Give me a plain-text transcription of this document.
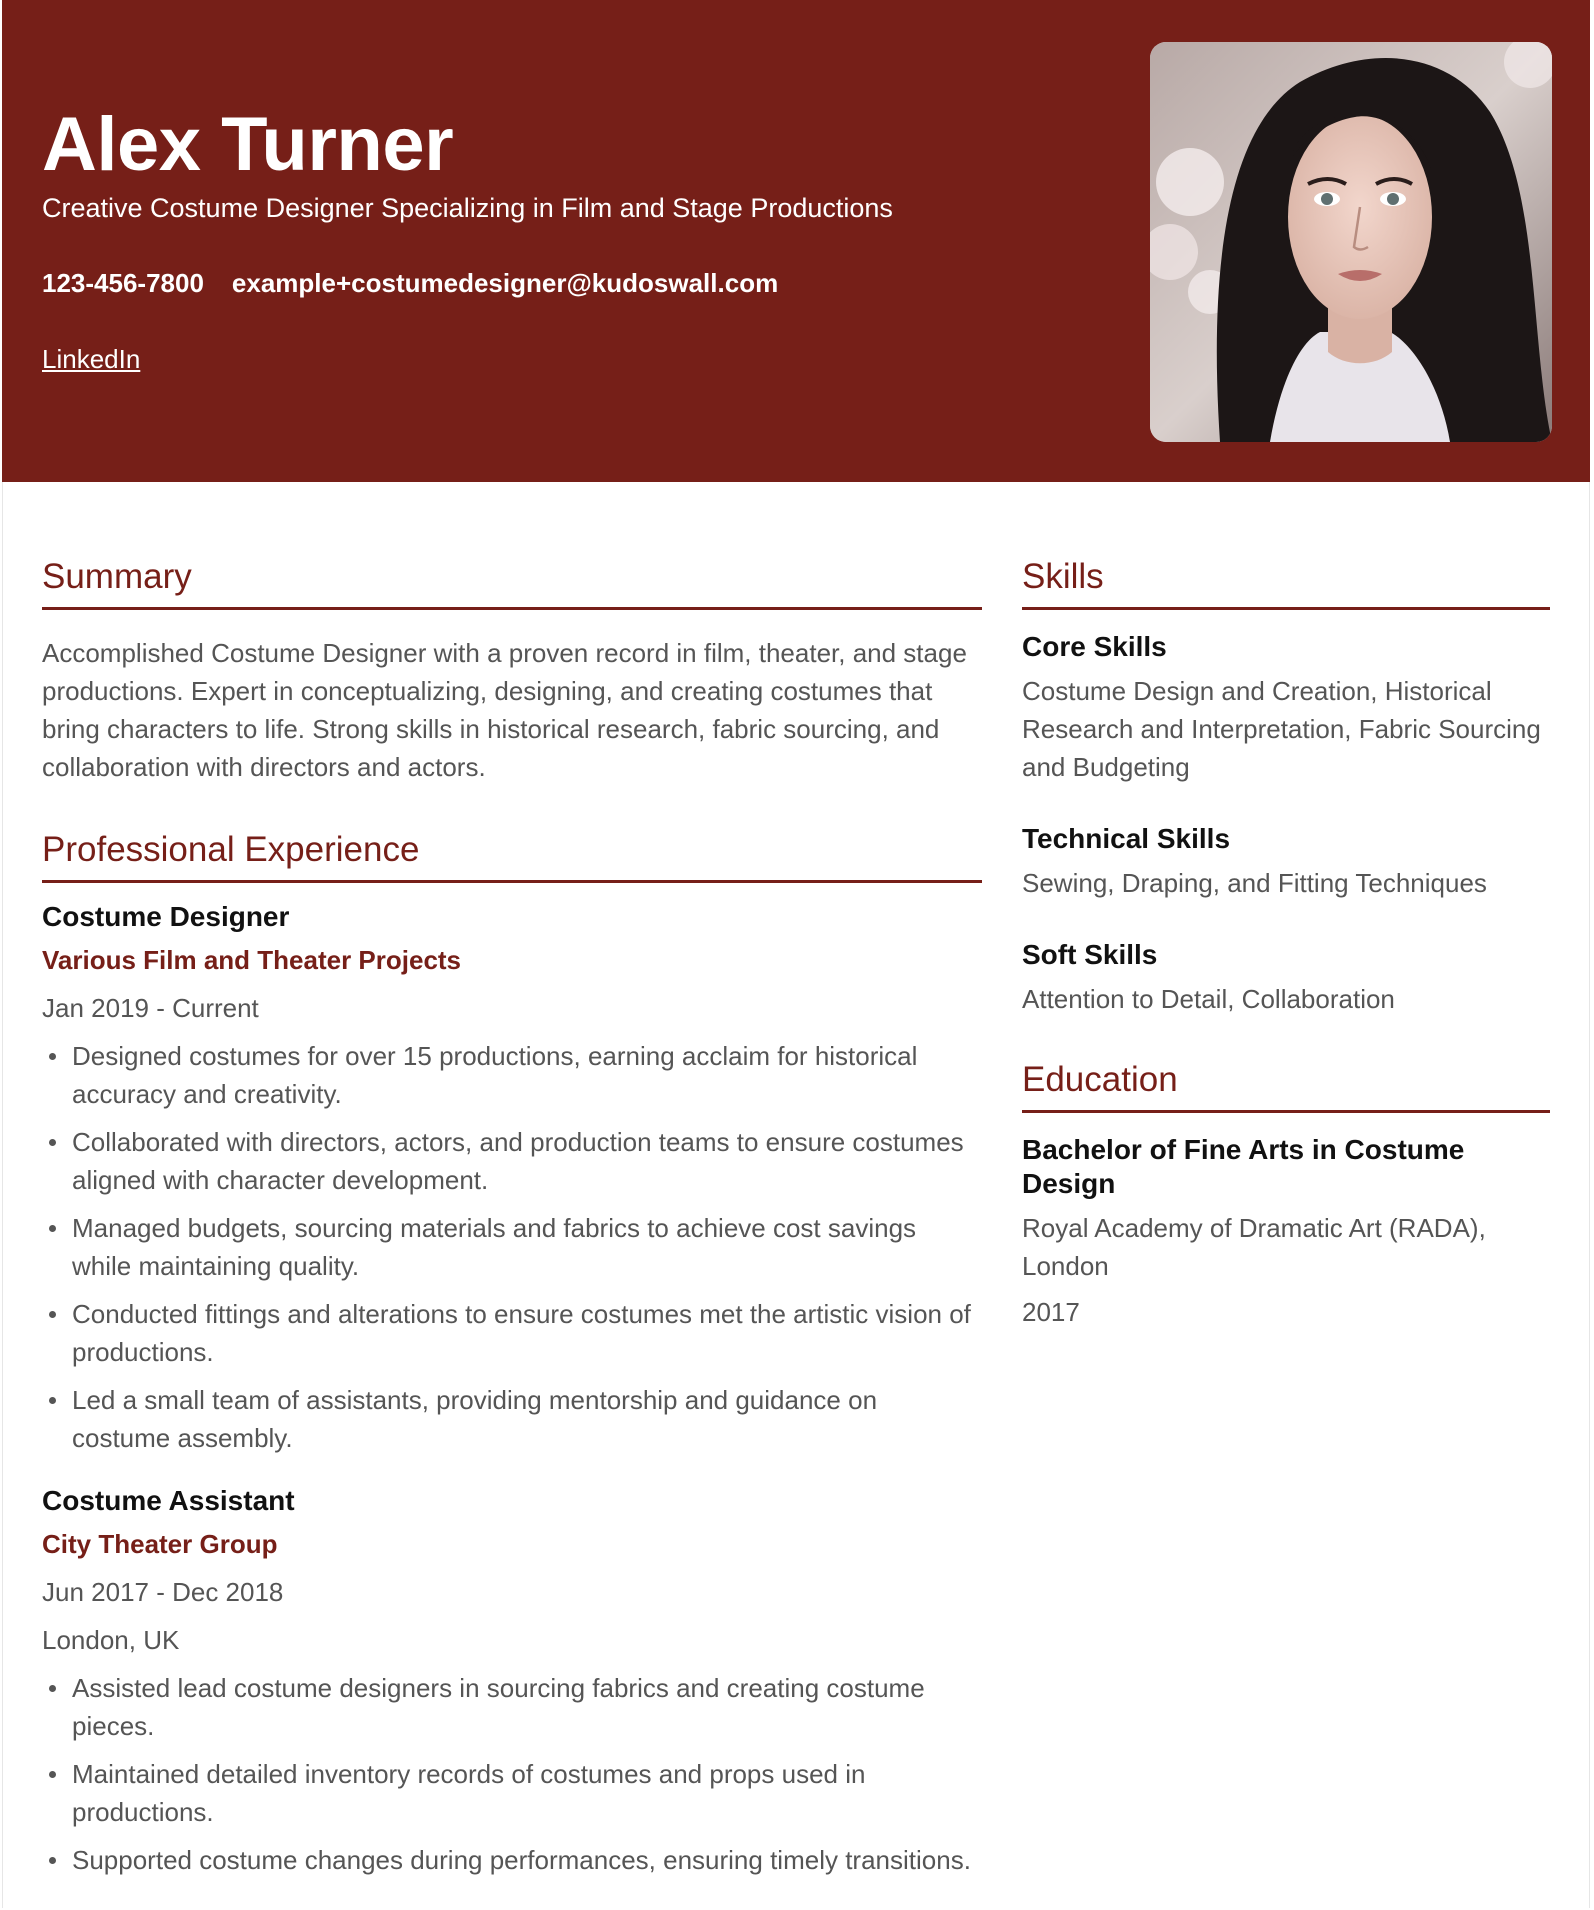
Alex Turner
Creative Costume Designer Specializing in Film and Stage Productions
123-456-7800 example+costumedesigner@kudoswall.com
LinkedIn
Summary

Accomplished Costume Designer with a proven record in film, theater, and stage productions. Expert in conceptualizing, designing, and creating costumes that bring characters to life. Strong skills in historical research, fabric sourcing, and collaboration with directors and actors.

Professional Experience
Costume Designer
Various Film and Theater Projects
Jan 2019 - Current
Designed costumes for over 15 productions, earning acclaim for historical accuracy and creativity.
Collaborated with directors, actors, and production teams to ensure costumes aligned with character development.
Managed budgets, sourcing materials and fabrics to achieve cost savings while maintaining quality.
Conducted fittings and alterations to ensure costumes met the artistic vision of productions.
Led a small team of assistants, providing mentorship and guidance on costume assembly.
Costume Assistant
City Theater Group
Jun 2017 - Dec 2018
London, UK
Assisted lead costume designers in sourcing fabrics and creating costume pieces.
Maintained detailed inventory records of costumes and props used in productions.
Supported costume changes during performances, ensuring timely transitions.
Skills
Core Skills

Costume Design and Creation, Historical Research and Interpretation, Fabric Sourcing and Budgeting

Technical Skills

Sewing, Draping, and Fitting Techniques

Soft Skills

Attention to Detail, Collaboration

Education
Bachelor of Fine Arts in Costume Design

Royal Academy of Dramatic Art (RADA), London

2017
